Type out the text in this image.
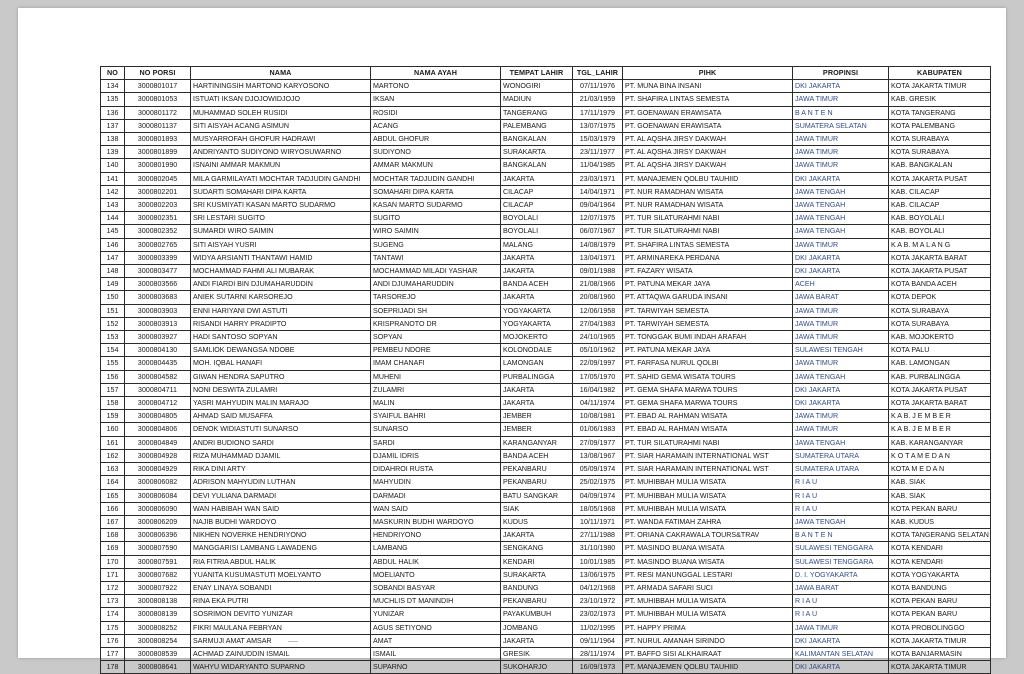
NO	NO PORSI	NAMA	NAMA AYAH	TEMPAT LAHIR	TGL_LAHIR	PIHK	PROPINSI	KABUPATEN
134	3000801017	HARTININGSIH MARTONO KARYOSONO	MARTONO	WONOGIRI	07/11/1976	PT. MUNA BINA INSANI	DKI JAKARTA	KOTA JAKARTA TIMUR
135	3000801053	ISTUATI IKSAN DJOJOWIDJOJO	IKSAN	MADIUN	21/03/1959	PT. SHAFIRA LINTAS SEMESTA	JAWA TIMUR	KAB. GRESIK
136	3000801172	MUHAMMAD SOLEH RUSIDI	ROSIDI	TANGERANG	17/11/1979	PT. GOENAWAN ERAWISATA	B A N T E N	KOTA TANGERANG
137	3000801137	SITI AISYAH ACANG ASIMUN	ACANG	PALEMBANG	13/07/1975	PT. GOENAWAN ERAWISATA	SUMATERA SELATAN	KOTA PALEMBANG
138	3000801893	MUSYARROFAH GHOFUR HADRAWI	ABDUL GHOFUR	BANGKALAN	15/03/1979	PT. AL AQSHA JIRSY DAKWAH	JAWA TIMUR	KOTA SURABAYA
139	3000801899	ANDRIYANTO SUDIYONO WIRYOSUWARNO	SUDIYONO	SURAKARTA	23/11/1977	PT. AL AQSHA JIRSY DAKWAH	JAWA TIMUR	KOTA SURABAYA
140	3000801990	ISNAINI AMMAR MAKMUN	AMMAR MAKMUN	BANGKALAN	11/04/1985	PT. AL AQSHA JIRSY DAKWAH	JAWA TIMUR	KAB. BANGKALAN
141	3000802045	MILA GARMILAYATI MOCHTAR TADJUDIN GANDHI	MOCHTAR TADJUDIN GANDHI	JAKARTA	23/03/1971	PT. MANAJEMEN QOLBU TAUHIID	DKI JAKARTA	KOTA JAKARTA PUSAT
142	3000802201	SUDARTI SOMAHARI DIPA KARTA	SOMAHARI DIPA KARTA	CILACAP	14/04/1971	PT. NUR RAMADHAN WISATA	JAWA TENGAH	KAB. CILACAP
143	3000802203	SRI KUSMIYATI KASAN MARTO SUDARMO	KASAN MARTO SUDARMO	CILACAP	09/04/1964	PT. NUR RAMADHAN WISATA	JAWA TENGAH	KAB. CILACAP
144	3000802351	SRI LESTARI SUGITO	SUGITO	BOYOLALI	12/07/1975	PT. TUR SILATURAHMI NABI	JAWA TENGAH	KAB. BOYOLALI
145	3000802352	SUMARDI WIRO SAIMIN	WIRO SAIMIN	BOYOLALI	06/07/1967	PT. TUR SILATURAHMI NABI	JAWA TENGAH	KAB. BOYOLALI
146	3000802765	SITI AISYAH YUSRI	SUGENG	MALANG	14/08/1979	PT. SHAFIRA LINTAS SEMESTA	JAWA TIMUR	K A B. M A L A N G
147	3000803399	WIDYA ARSIANTI THANTAWI HAMID	TANTAWI	JAKARTA	13/04/1971	PT. ARMINAREKA PERDANA	DKI JAKARTA	KOTA JAKARTA BARAT
148	3000803477	MOCHAMMAD FAHMI ALI MUBARAK	MOCHAMMAD MILADI YASHAR	JAKARTA	09/01/1988	PT. FAZARY WISATA	DKI JAKARTA	KOTA JAKARTA PUSAT
149	3000803566	ANDI FIARDI BIN DJUMAHARUDDIN	ANDI DJUMAHARUDDIN	BANDA ACEH	21/08/1966	PT. PATUNA MEKAR JAYA	ACEH	KOTA BANDA ACEH
150	3000803683	ANIEK SUTARNI KARSOREJO	TARSOREJO	JAKARTA	20/08/1960	PT. ATTAQWA GARUDA INSANI	JAWA BARAT	KOTA DEPOK
151	3000803903	ENNI HARIYANI DWI ASTUTI	SOEPRIJADI SH	YOGYAKARTA	12/06/1958	PT. TARWIYAH SEMESTA	JAWA TIMUR	KOTA SURABAYA
152	3000803913	RISANDI HARRY PRADIPTO	KRISPRANOTO DR	YOGYAKARTA	27/04/1983	PT. TARWIYAH SEMESTA	JAWA TIMUR	KOTA SURABAYA
153	3000803927	HADI SANTOSO SOPYAN	SOPYAN	MOJOKERTO	24/10/1965	PT. TONGGAK BUMI INDAH ARAFAH	JAWA TIMUR	KAB. MOJOKERTO
154	3000804130	SAMLIOK DEWANGSA NDOBE	PEMBEU NDORE	KOLONODALE	05/10/1962	PT. PATUNA MEKAR JAYA	SULAWESI TENGAH	KOTA PALU
155	3000804435	MOH. IQBAL HANAFI	IMAM CHANAFI	LAMONGAN	22/09/1997	PT. FARFASA NURUL QOLBI	JAWA TIMUR	KAB. LAMONGAN
156	3000804582	GIWAN HENDRA SAPUTRO	MUHENI	PURBALINGGA	17/05/1970	PT. SAHID GEMA WISATA TOURS	JAWA TENGAH	KAB. PURBALINGGA
157	3000804711	NONI DESWITA ZULAMRI	ZULAMRI	JAKARTA	16/04/1982	PT. GEMA SHAFA MARWA TOURS	DKI JAKARTA	KOTA JAKARTA PUSAT
158	3000804712	YASRI MAHYUDIN MALIN MARAJO	MALIN	JAKARTA	04/11/1974	PT. GEMA SHAFA MARWA TOURS	DKI JAKARTA	KOTA JAKARTA BARAT
159	3000804805	AHMAD SAID MUSAFFA	SYAIFUL BAHRI	JEMBER	10/08/1981	PT. EBAD AL RAHMAN WISATA	JAWA TIMUR	K A B. J E M B E R
160	3000804806	DENOK WIDIASTUTI SUNARSO	SUNARSO	JEMBER	01/06/1983	PT. EBAD AL RAHMAN WISATA	JAWA TIMUR	K A B. J E M B E R
161	3000804849	ANDRI BUDIONO SARDI	SARDI	KARANGANYAR	27/09/1977	PT. TUR SILATURAHMI NABI	JAWA TENGAH	KAB. KARANGANYAR
162	3000804928	RIZA MUHAMMAD DJAMIL	DJAMIL IDRIS	BANDA ACEH	13/08/1967	PT. SIAR HARAMAIN INTERNATIONAL WST	SUMATERA UTARA	K O T A M E D A N
163	3000804929	RIKA DINI ARTY	DIDAHROI RUSTA	PEKANBARU	05/09/1974	PT. SIAR HARAMAIN INTERNATIONAL WST	SUMATERA UTARA	KOTA M E D A N
164	3000806082	ADRISON MAHYUDIN LUTHAN	MAHYUDIN	PEKANBARU	25/02/1975	PT. MUHIBBAH MULIA WISATA	R I A U	KAB. SIAK
165	3000806084	DEVI YULIANA DARMADI	DARMADI	BATU SANGKAR	04/09/1974	PT. MUHIBBAH MULIA WISATA	R I A U	KAB. SIAK
166	3000806090	WAN HABIBAH WAN SAID	WAN SAID	SIAK	18/05/1968	PT. MUHIBBAH MULIA WISATA	R I A U	KOTA PEKAN BARU
167	3000806209	NAJIB BUDHI WARDOYO	MASKURIN BUDHI WARDOYO	KUDUS	10/11/1971	PT. WANDA FATIMAH ZAHRA	JAWA TENGAH	KAB. KUDUS
168	3000806396	NIKHEN NOVERKE HENDRIYONO	HENDRIYONO	JAKARTA	27/11/1988	PT. ORIANA CAKRAWALA TOURS&TRAV	B A N T E N	KOTA TANGERANG SELATAN
169	3000807590	MANGGARISI LAMBANG LAWADENG	LAMBANG	SENGKANG	31/10/1980	PT. MASINDO BUANA WISATA	SULAWESI TENGGARA	KOTA KENDARI
170	3000807591	RIA FITRIA ABDUL HALIK	ABDUL HALIK	KENDARI	10/01/1985	PT. MASINDO BUANA WISATA	SULAWESI TENGGARA	KOTA KENDARI
171	3000807682	YUANITA KUSUMASTUTI MOELYANTO	MOELIANTO	SURAKARTA	13/06/1975	PT. RESI MANUNGGAL LESTARI	D. I. YOGYAKARTA	KOTA YOGYAKARTA
172	3000807922	ENAY LINAYA SOBANDI	SOBANDI BASYAR	BANDUNG	04/12/1968	PT. ARMADA SAFARI SUCI	JAWA BARAT	KOTA BANDUNG
173	3000808138	RINA EKA PUTRI	MUCHLIS DT MANINDIH	PEKANBARU	23/10/1972	PT. MUHIBBAH MULIA WISATA	R I A U	KOTA PEKAN BARU
174	3000808139	SOSRIMON DEVITO YUNIZAR	YUNIZAR	PAYAKUMBUH	23/02/1973	PT. MUHIBBAH MULIA WISATA	R I A U	KOTA PEKAN BARU
175	3000808252	FIKRI MAULANA FEBRYAN	AGUS SETIYONO	JOMBANG	11/02/1995	PT. HAPPY PRIMA	JAWA TIMUR	KOTA PROBOLINGGO
176	3000808254	SARMUJI AMAT AMSAR	AMAT	JAKARTA	09/11/1964	PT. NURUL AMANAH SIRINDO	DKI JAKARTA	KOTA JAKARTA TIMUR
177	3000808539	ACHMAD ZAINUDDIN ISMAIL	ISMAIL	GRESIK	28/11/1974	PT. BAFFO SISI ALKHAIRAAT	KALIMANTAN SELATAN	KOTA BANJARMASIN
178	3000808641	WAHYU WIDARYANTO SUPARNO	SUPARNO	SUKOHARJO	16/09/1973	PT. MANAJEMEN QOLBU TAUHIID	DKI JAKARTA	KOTA JAKARTA TIMUR
